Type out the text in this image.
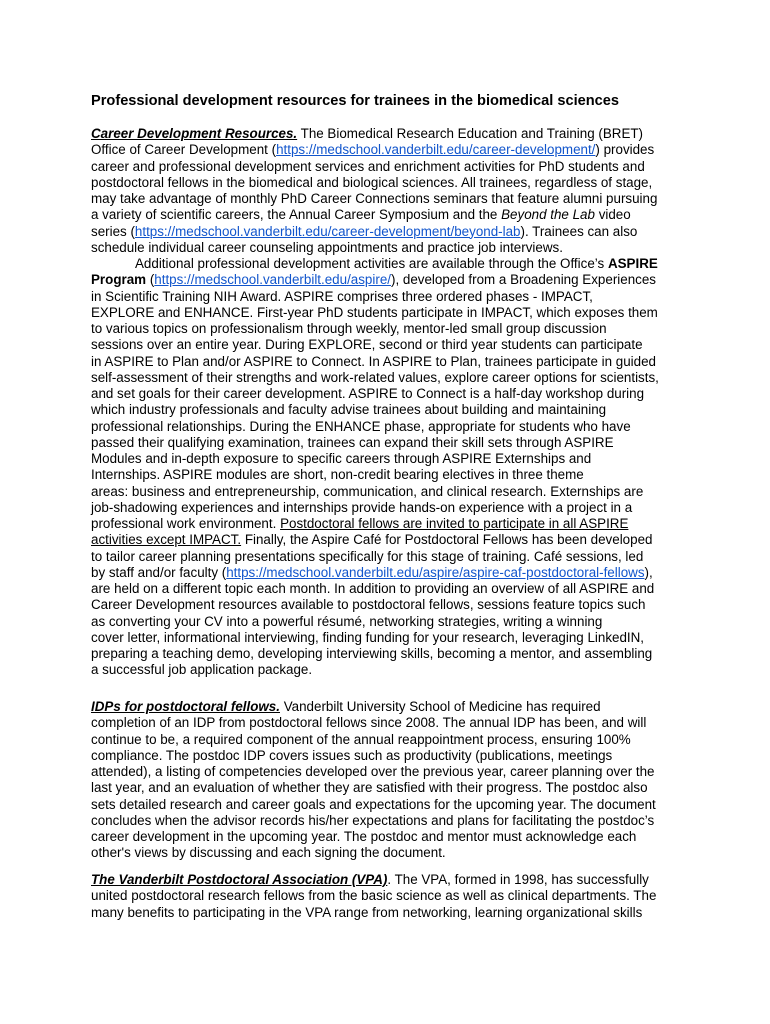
Professional development resources for trainees in the biomedical sciences
Career Development Resources. The Biomedical Research Education and Training (BRET)
Office of Career Development (https://medschool.vanderbilt.edu/career-development/) provides
career and professional development services and enrichment activities for PhD students and
postdoctoral fellows in the biomedical and biological sciences. All trainees, regardless of stage,
may take advantage of monthly PhD Career Connections seminars that feature alumni pursuing
a variety of scientific careers, the Annual Career Symposium and the Beyond the Lab video
series (https://medschool.vanderbilt.edu/career-development/beyond-lab). Trainees can also
schedule individual career counseling appointments and practice job interviews.
Additional professional development activities are available through the Office’s ASPIRE
Program (https://medschool.vanderbilt.edu/aspire/), developed from a Broadening Experiences
in Scientific Training NIH Award. ASPIRE comprises three ordered phases - IMPACT,
EXPLORE and ENHANCE. First-year PhD students participate in IMPACT, which exposes them
to various topics on professionalism through weekly, mentor-led small group discussion
sessions over an entire year. During EXPLORE, second or third year students can participate
in ASPIRE to Plan and/or ASPIRE to Connect. In ASPIRE to Plan, trainees participate in guided
self-assessment of their strengths and work-related values, explore career options for scientists,
and set goals for their career development. ASPIRE to Connect is a half-day workshop during
which industry professionals and faculty advise trainees about building and maintaining
professional relationships. During the ENHANCE phase, appropriate for students who have
passed their qualifying examination, trainees can expand their skill sets through ASPIRE
Modules and in-depth exposure to specific careers through ASPIRE Externships and
Internships. ASPIRE modules are short, non-credit bearing electives in three theme
areas: business and entrepreneurship, communication, and clinical research. Externships are
job-shadowing experiences and internships provide hands-on experience with a project in a
professional work environment. Postdoctoral fellows are invited to participate in all ASPIRE
activities except IMPACT. Finally, the Aspire Café for Postdoctoral Fellows has been developed
to tailor career planning presentations specifically for this stage of training. Café sessions, led
by staff and/or faculty (https://medschool.vanderbilt.edu/aspire/aspire-caf-postdoctoral-fellows),
are held on a different topic each month. In addition to providing an overview of all ASPIRE and
Career Development resources available to postdoctoral fellows, sessions feature topics such
as converting your CV into a powerful résumé, networking strategies, writing a winning
cover letter, informational interviewing, finding funding for your research, leveraging LinkedIN,
preparing a teaching demo, developing interviewing skills, becoming a mentor, and assembling
a successful job application package.
IDPs for postdoctoral fellows. Vanderbilt University School of Medicine has required
completion of an IDP from postdoctoral fellows since 2008. The annual IDP has been, and will
continue to be, a required component of the annual reappointment process, ensuring 100%
compliance. The postdoc IDP covers issues such as productivity (publications, meetings
attended), a listing of competencies developed over the previous year, career planning over the
last year, and an evaluation of whether they are satisfied with their progress. The postdoc also
sets detailed research and career goals and expectations for the upcoming year. The document
concludes when the advisor records his/her expectations and plans for facilitating the postdoc’s
career development in the upcoming year. The postdoc and mentor must acknowledge each
other's views by discussing and each signing the document.
The Vanderbilt Postdoctoral Association (VPA). The VPA, formed in 1998, has successfully
united postdoctoral research fellows from the basic science as well as clinical departments. The
many benefits to participating in the VPA range from networking, learning organizational skills
